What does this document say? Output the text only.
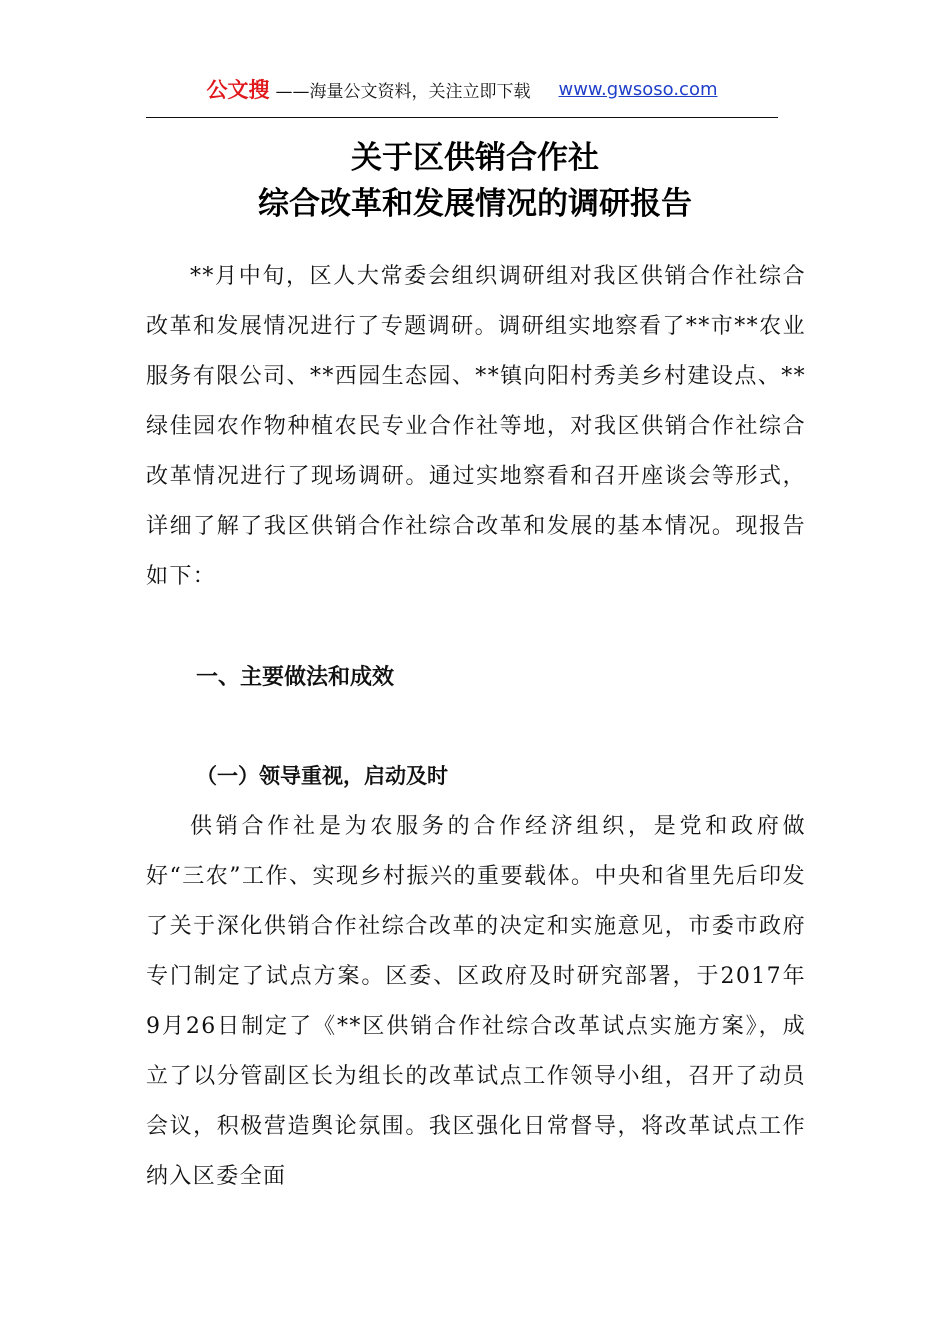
公文搜 ——海量公文资料，关注立即下载 www.gwsoso.com
关于区供销合作社
综合改革和发展情况的调研报告

**月中旬，区人大常委会组织调研组对我区供销合作社综合改革和发展情况进行了专题调研。调研组实地察看了**市**农业服务有限公司、**西园生态园、**镇向阳村秀美乡村建设点、**绿佳园农作物种植农民专业合作社等地，对我区供销合作社综合改革情况进行了现场调研。通过实地察看和召开座谈会等形式，详细了解了我区供销合作社综合改革和发展的基本情况。现报告如下：

一、主要做法和成效
（一）领导重视，启动及时

供销合作社是为农服务的合作经济组织，是党和政府做好“三农”工作、实现乡村振兴的重要载体。中央和省里先后印发了关于深化供销合作社综合改革的决定和实施意见，市委市政府专门制定了试点方案。区委、区政府及时研究部署，于2017年9月26日制定了《**区供销合作社综合改革试点实施方案》，成立了以分管副区长为组长的改革试点工作领导小组，召开了动员会议，积极营造舆论氛围。我区强化日常督导，将改革试点工作纳入区委全面
